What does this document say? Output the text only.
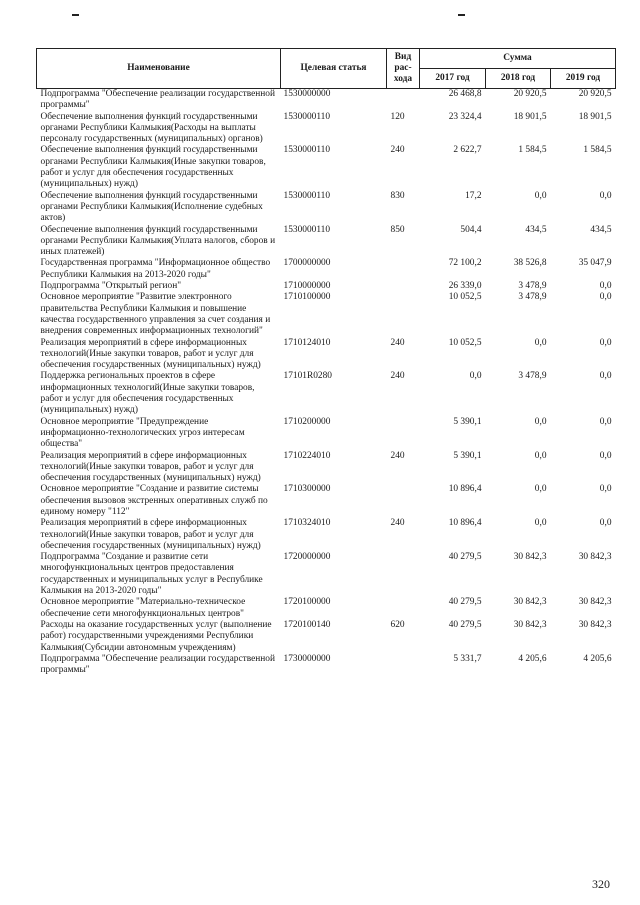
Наименование	Целевая статья	Вид рас-хода	Сумма		
			2017 год	2018 год	2019 год
Подпрограмма "Обеспечение реализации государственной программы"	1530000000		26 468,8	20 920,5	20 920,5
Обеспечение выполнения функций государственными органами Республики Калмыкия(Расходы на выплаты персоналу государственных (муниципальных) органов)	1530000110	120	23 324,4	18 901,5	18 901,5
Обеспечение выполнения функций государственными органами Республики Калмыкия(Иные закупки товаров, работ и услуг для обеспечения государственных (муниципальных) нужд)	1530000110	240	2 622,7	1 584,5	1 584,5
Обеспечение выполнения функций государственными органами Республики Калмыкия(Исполнение судебных актов)	1530000110	830	17,2	0,0	0,0
Обеспечение выполнения функций государственными органами Республики Калмыкия(Уплата налогов, сборов и иных платежей)	1530000110	850	504,4	434,5	434,5
Государственная программа "Информационное общество Республики Калмыкия на 2013-2020 годы"	1700000000		72 100,2	38 526,8	35 047,9
Подпрограмма "Открытый регион"	1710000000		26 339,0	3 478,9	0,0
Основное мероприятие "Развитие электронного правительства Республики Калмыкия и повышение качества государственного управления за счет создания и внедрения современных информационных технологий"	1710100000		10 052,5	3 478,9	0,0
Реализация мероприятий в сфере информационных технологий(Иные закупки товаров, работ и услуг для обеспечения государственных (муниципальных) нужд)	1710124010	240	10 052,5	0,0	0,0
Поддержка региональных проектов в сфере информационных технологий(Иные закупки товаров, работ и услуг для обеспечения государственных (муниципальных) нужд)	17101R0280	240	0,0	3 478,9	0,0
Основное мероприятие "Предупреждение информационно-технологических угроз интересам общества"	1710200000		5 390,1	0,0	0,0
Реализация мероприятий в сфере информационных технологий(Иные закупки товаров, работ и услуг для обеспечения государственных (муниципальных) нужд)	1710224010	240	5 390,1	0,0	0,0
Основное мероприятие "Создание и развитие системы обеспечения вызовов экстренных оперативных служб по единому номеру "112"	1710300000		10 896,4	0,0	0,0
Реализация мероприятий в сфере информационных технологий(Иные закупки товаров, работ и услуг для обеспечения государственных (муниципальных) нужд)	1710324010	240	10 896,4	0,0	0,0
Подпрограмма "Создание и развитие сети многофункциональных центров предоставления государственных и муниципальных услуг в Республике Калмыкия на 2013-2020 годы"	1720000000		40 279,5	30 842,3	30 842,3
Основное мероприятие "Материально-техническое обеспечение сети многофункциональных центров"	1720100000		40 279,5	30 842,3	30 842,3
Расходы на оказание государственных услуг (выполнение работ) государственными учреждениями Республики Калмыкия(Субсидии автономным учреждениям)	1720100140	620	40 279,5	30 842,3	30 842,3
Подпрограмма "Обеспечение реализации государственной программы"	1730000000		5 331,7	4 205,6	4 205,6
320
